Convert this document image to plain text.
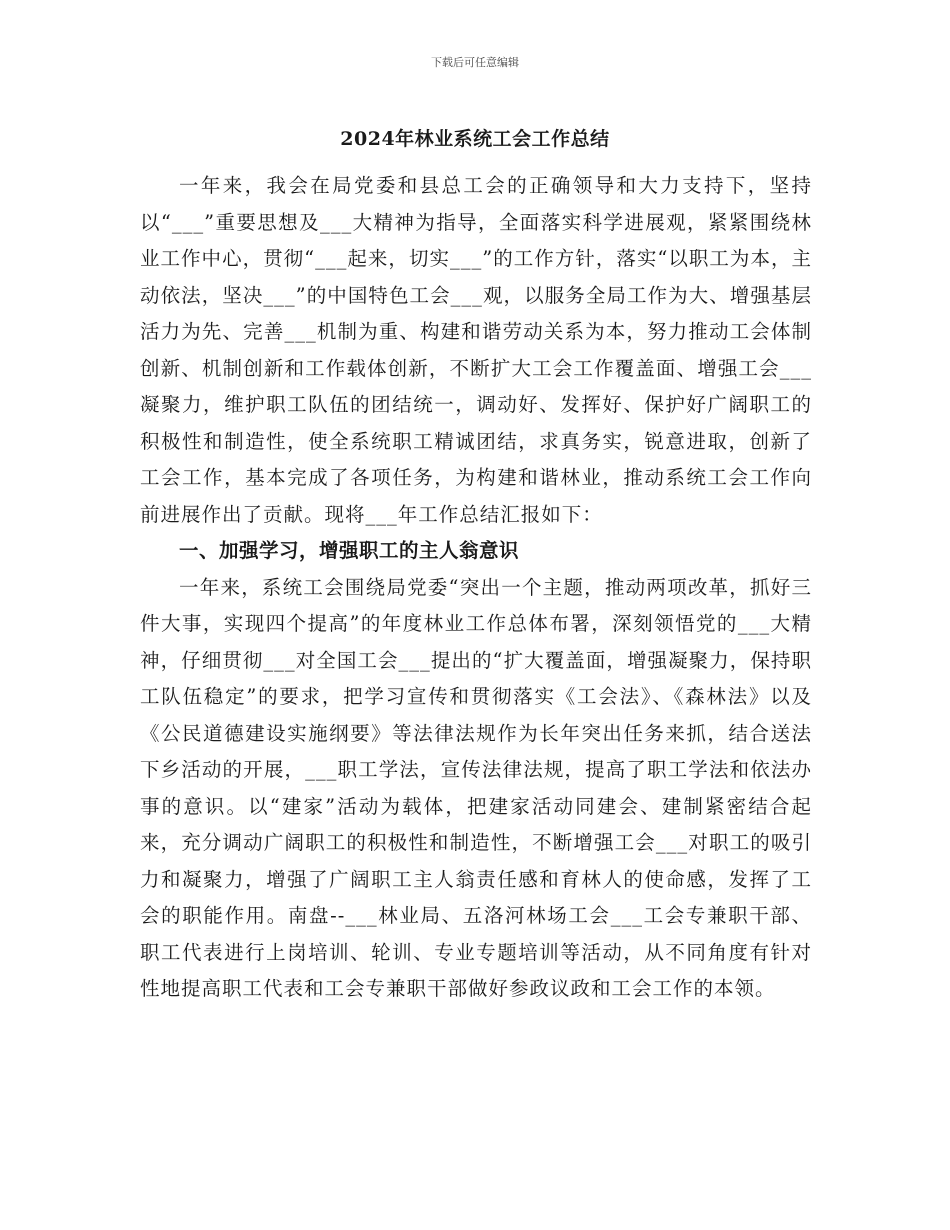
下载后可任意编辑
2024年林业系统工会工作总结

一年来，我会在局党委和县总工会的正确领导和大力支持下，坚持以“___”重要思想及___大精神为指导，全面落实科学进展观，紧紧围绕林业工作中心，贯彻“___起来，切实___”的工作方针，落实“以职工为本，主动依法，坚决___”的中国特色工会___观，以服务全局工作为大、增强基层活力为先、完善___机制为重、构建和谐劳动关系为本，努力推动工会体制创新、机制创新和工作载体创新，不断扩大工会工作覆盖面、增强工会___凝聚力，维护职工队伍的团结统一，调动好、发挥好、保护好广阔职工的积极性和制造性，使全系统职工精诚团结，求真务实，锐意进取，创新了工会工作，基本完成了各项任务，为构建和谐林业，推动系统工会工作向前进展作出了贡献。现将___年工作总结汇报如下：

一、加强学习，增强职工的主人翁意识

一年来，系统工会围绕局党委“突出一个主题，推动两项改革，抓好三件大事，实现四个提高”的年度林业工作总体布署，深刻领悟党的___大精神，仔细贯彻___对全国工会___提出的“扩大覆盖面，增强凝聚力，保持职工队伍稳定”的要求，把学习宣传和贯彻落实《工会法》、《森林法》以及《公民道德建设实施纲要》等法律法规作为长年突出任务来抓，结合送法下乡活动的开展，___职工学法，宣传法律法规，提高了职工学法和依法办事的意识。以“建家”活动为载体，把建家活动同建会、建制紧密结合起来，充分调动广阔职工的积极性和制造性，不断增强工会___对职工的吸引力和凝聚力，增强了广阔职工主人翁责任感和育林人的使命感，发挥了工会的职能作用。南盘--___林业局、五洛河林场工会___工会专兼职干部、职工代表进行上岗培训、轮训、专业专题培训等活动，从不同角度有针对性地提高职工代表和工会专兼职干部做好参政议政和工会工作的本领。
